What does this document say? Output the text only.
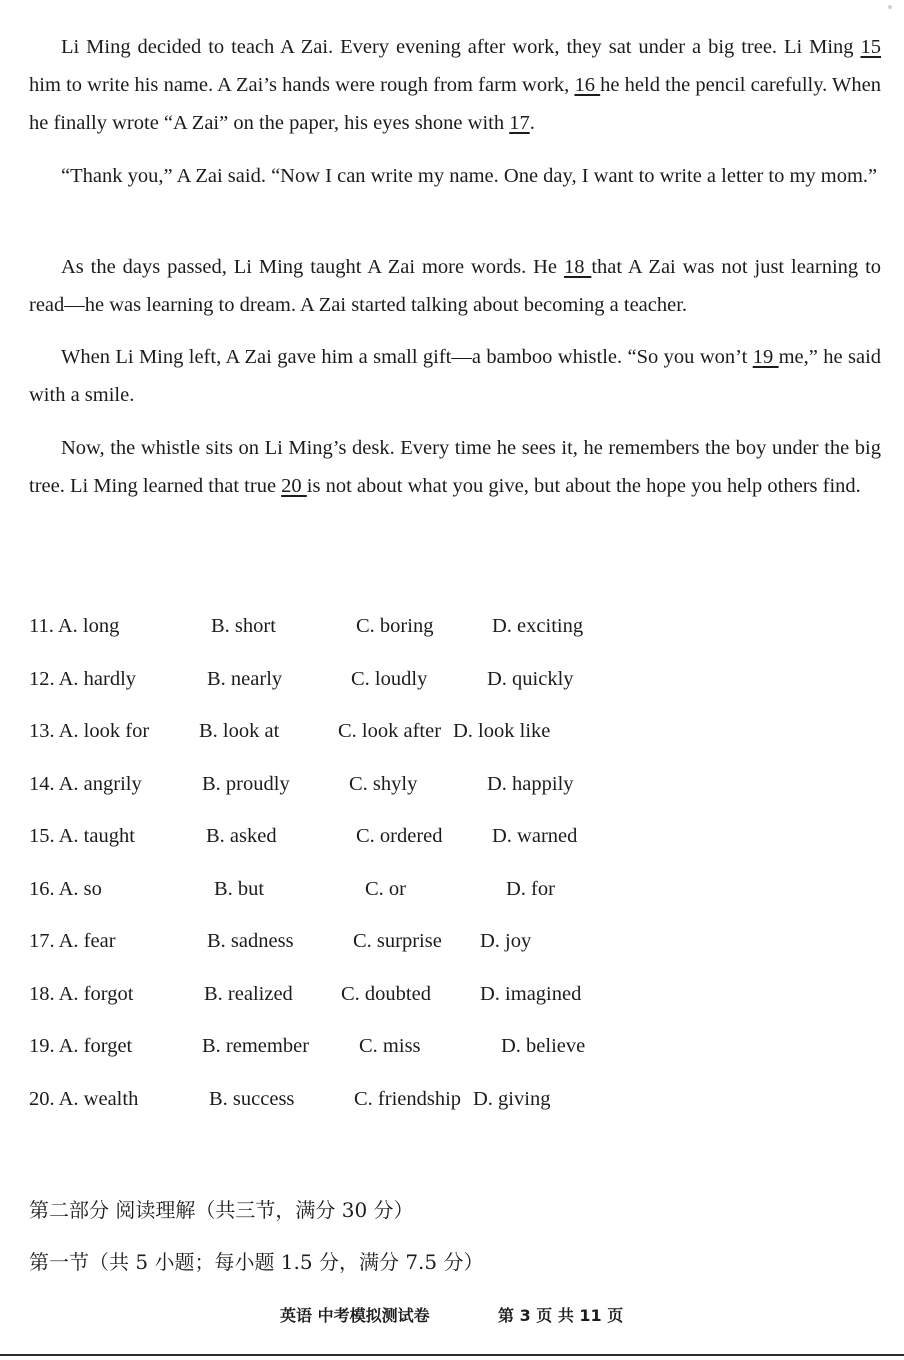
Li Ming decided to teach A Zai. Every evening after work, they sat under a big tree. Li Ming 15 him to write his name. A Zai’s hands were rough from farm work, 16 he held the pencil carefully. When he finally wrote “A Zai” on the paper, his eyes shone with 17.

“Thank you,” A Zai said. “Now I can write my name. One day, I want to write a letter to my mom.”

As the days passed, Li Ming taught A Zai more words. He 18 that A Zai was not just learning to read—he was learning to dream. A Zai started talking about becoming a teacher.

When Li Ming left, A Zai gave him a small gift—a bamboo whistle. “So you won’t 19 me,” he said with a smile.

Now, the whistle sits on Li Ming’s desk. Every time he sees it, he remembers the boy under the big tree. Li Ming learned that true 20 is not about what you give, but about the hope you help others find.

11. A. long	B. short	C. boring	D. exciting
12. A. hardly	B. nearly	C. loudly	D. quickly
13. A. look for B. look at	C. look after D. look like
14. A. angrily	B. proudly	C. shyly	D. happily
15. A. taught	B. asked	C. ordered D. warned
16. A. so	B. but	C. or	D. for
17. A. fear	B. sadness	C. surprise D. joy
18. A. forgot	B. realized C. doubted D. imagined
19. A. forget	B. remember C. miss	D. believe
20. A. wealth	B. success	C. friendship D. giving
第二部分 阅读理解（共三节，满分 30 分）
第一节（共 5 小题；每小题 1.5 分，满分 7.5 分）
英语 中考模拟测试卷	第 3 页 共 11 页
